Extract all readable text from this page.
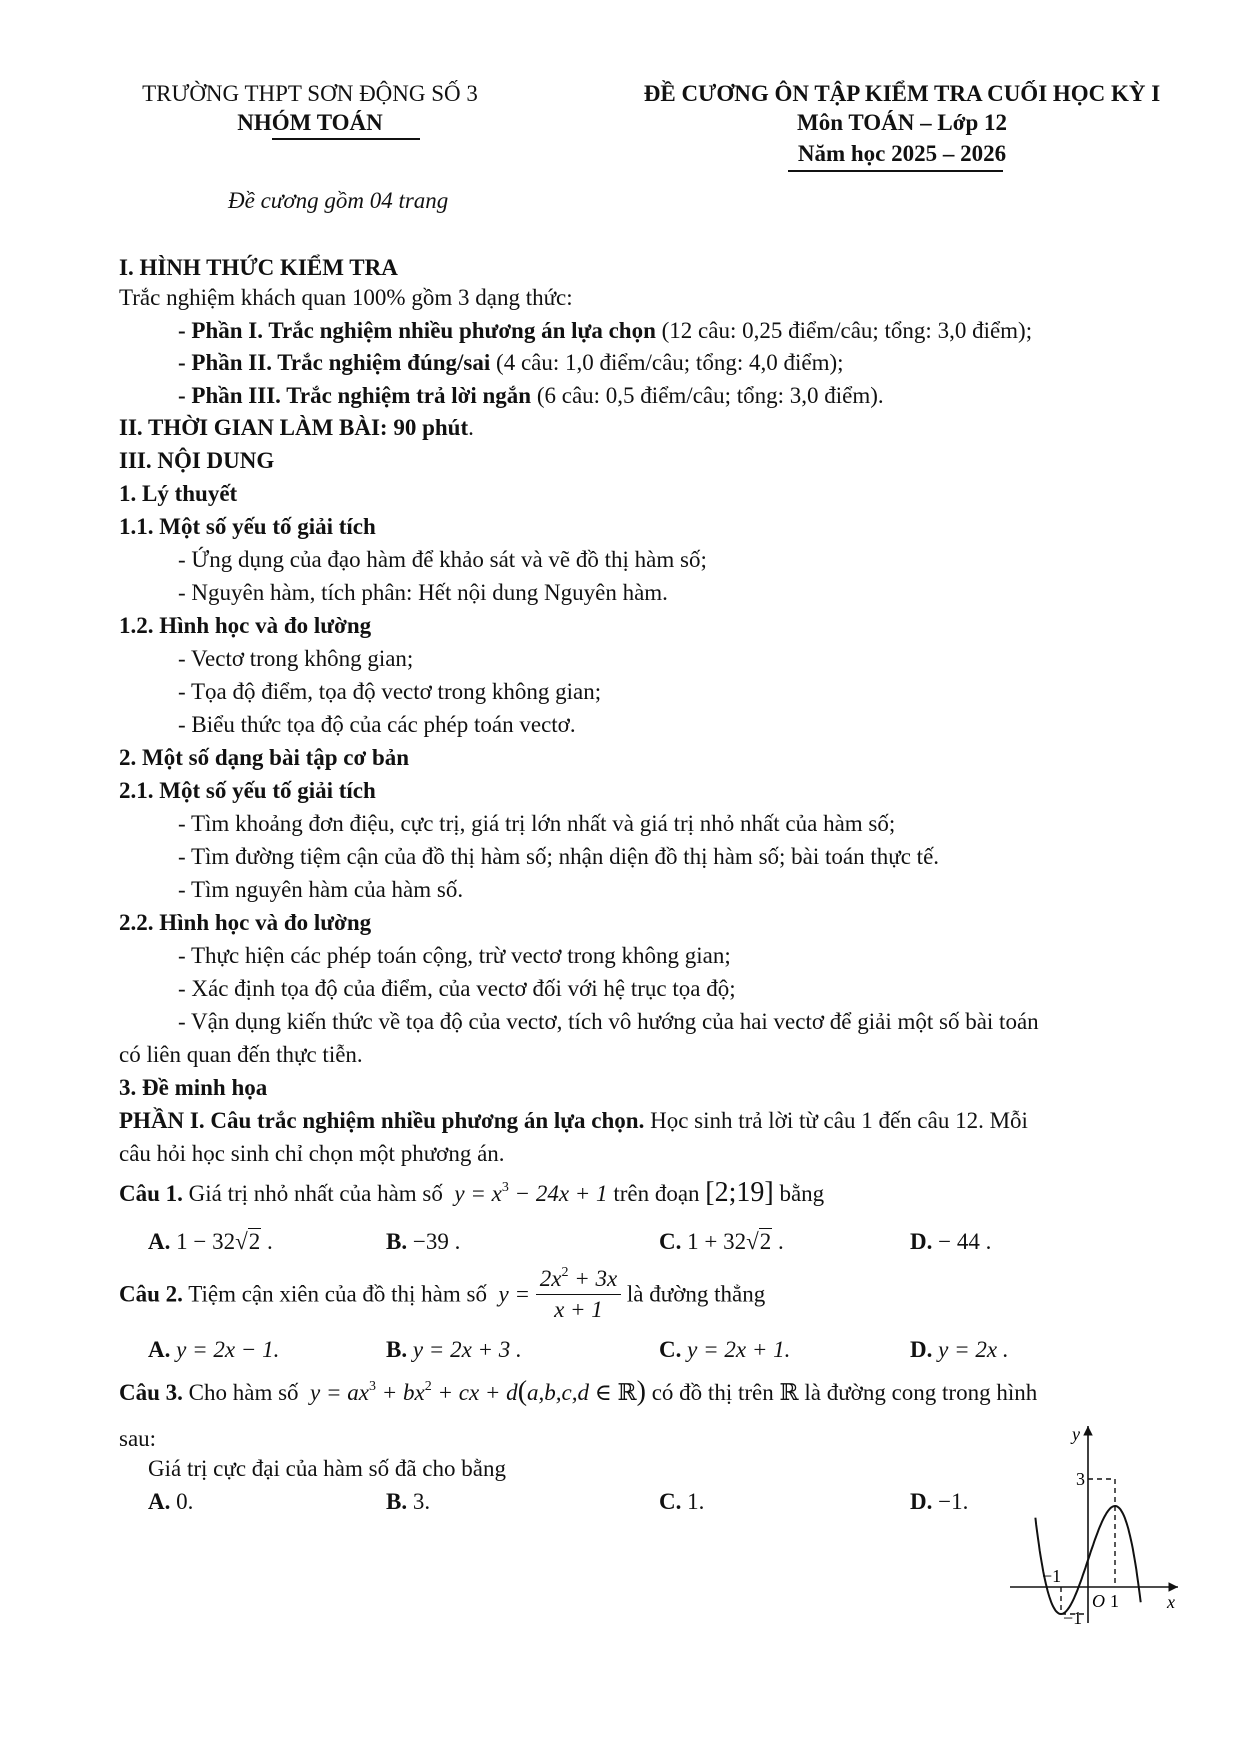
TRƯỜNG THPT SƠN ĐỘNG SỐ 3
NHÓM TOÁN
Đề cương gồm 04 trang
ĐỀ CƯƠNG ÔN TẬP KIỂM TRA CUỐI HỌC KỲ I
Môn TOÁN – Lớp 12
Năm học 2025 – 2026
I. HÌNH THỨC KIỂM TRA
Trắc nghiệm khách quan 100% gồm 3 dạng thức:
- Phần I. Trắc nghiệm nhiều phương án lựa chọn (12 câu: 0,25 điểm/câu; tổng: 3,0 điểm);
- Phần II. Trắc nghiệm đúng/sai (4 câu: 1,0 điểm/câu; tổng: 4,0 điểm);
- Phần III. Trắc nghiệm trả lời ngắn (6 câu: 0,5 điểm/câu; tổng: 3,0 điểm).
II. THỜI GIAN LÀM BÀI: 90 phút.
III. NỘI DUNG
1. Lý thuyết
1.1. Một số yếu tố giải tích
- Ứng dụng của đạo hàm để khảo sát và vẽ đồ thị hàm số;
- Nguyên hàm, tích phân: Hết nội dung Nguyên hàm.
1.2. Hình học và đo lường
- Vectơ trong không gian;
- Tọa độ điểm, tọa độ vectơ trong không gian;
- Biểu thức tọa độ của các phép toán vectơ.
2. Một số dạng bài tập cơ bản
2.1. Một số yếu tố giải tích
- Tìm khoảng đơn điệu, cực trị, giá trị lớn nhất và giá trị nhỏ nhất của hàm số;
- Tìm đường tiệm cận của đồ thị hàm số; nhận diện đồ thị hàm số; bài toán thực tế.
- Tìm nguyên hàm của hàm số.
2.2. Hình học và đo lường
- Thực hiện các phép toán cộng, trừ vectơ trong không gian;
- Xác định tọa độ của điểm, của vectơ đối với hệ trục tọa độ;
- Vận dụng kiến thức về tọa độ của vectơ, tích vô hướng của hai vectơ để giải một số bài toán
có liên quan đến thực tiễn.
3. Đề minh họa
PHẦN I. Câu trắc nghiệm nhiều phương án lựa chọn. Học sinh trả lời từ câu 1 đến câu 12. Mỗi
câu hỏi học sinh chỉ chọn một phương án.
Câu 1. Giá trị nhỏ nhất của hàm số  $y = x^3 - 24x + 1$ trên đoạn [2;19] bằng
A. 1 − 32√2 .	B. −39 .	C. 1 + 32√2 .	D. − 44 .
Câu 2. Tiệm cận xiên của đồ thị hàm số  $y = \frac{2x^2 + 3x}{x + 1}$ là đường thẳng
A. y = 2x − 1.	B. y = 2x + 3 .	C. y = 2x + 1.	D. y = 2x .
Câu 3. Cho hàm số  $y = ax^3 + bx^2$ + cx + d(a,b,c,d ∈ ℝ) có đồ thị trên ℝ là đường cong trong hình
sau:
Giá trị cực đại của hàm số đã cho bằng
A. 0.	B. 3.	C. 1.	D. −1.
y
x
3
O 1
−1
−1
